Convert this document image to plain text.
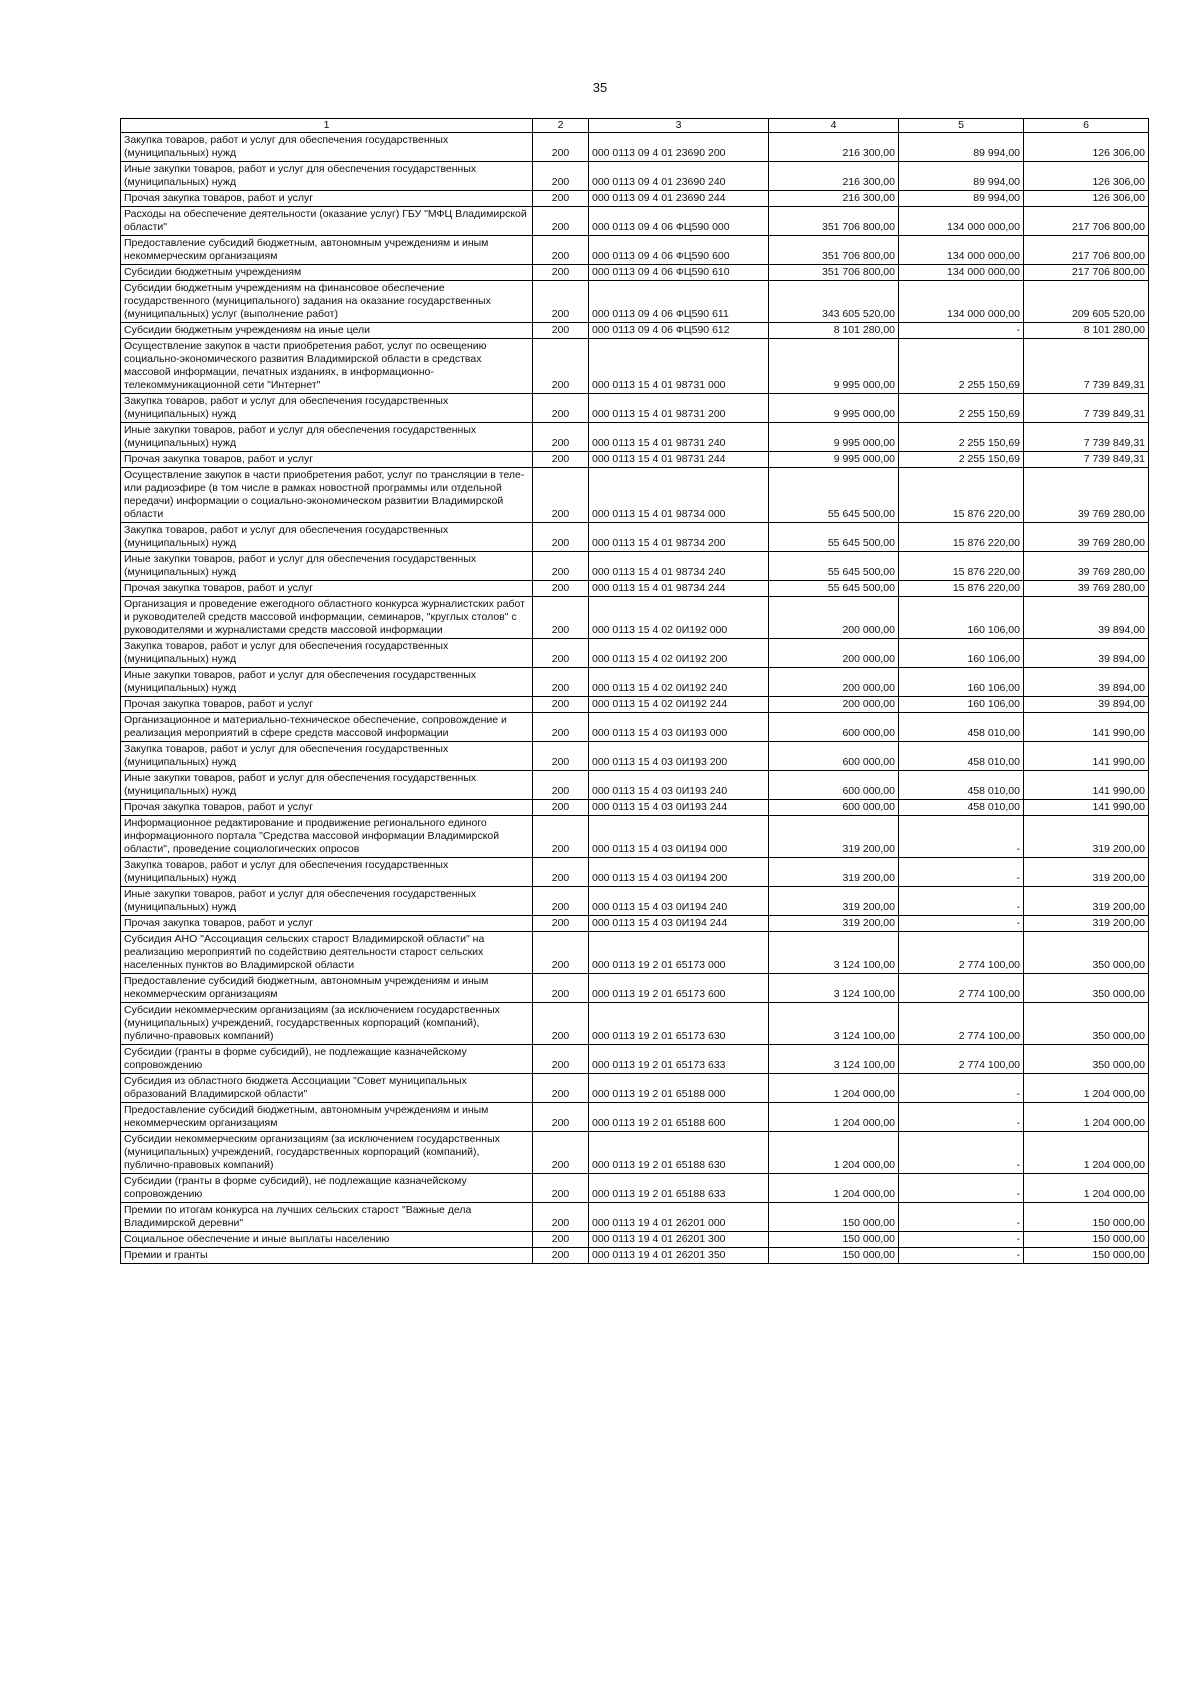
35
1	2	3	4	5	6
Закупка товаров, работ и услуг для обеспечения государственных (муниципальных) нужд	200	000 0113 09 4 01 23690 200	216 300,00	89 994,00	126 306,00
Иные закупки товаров, работ и услуг для обеспечения государственных (муниципальных) нужд	200	000 0113 09 4 01 23690 240	216 300,00	89 994,00	126 306,00
Прочая закупка товаров, работ и услуг	200	000 0113 09 4 01 23690 244	216 300,00	89 994,00	126 306,00
Расходы на обеспечение деятельности (оказание услуг) ГБУ "МФЦ Владимирской области"	200	000 0113 09 4 06 ФЦ590 000	351 706 800,00	134 000 000,00	217 706 800,00
Предоставление субсидий бюджетным, автономным учреждениям и иным некоммерческим организациям	200	000 0113 09 4 06 ФЦ590 600	351 706 800,00	134 000 000,00	217 706 800,00
Субсидии бюджетным учреждениям	200	000 0113 09 4 06 ФЦ590 610	351 706 800,00	134 000 000,00	217 706 800,00
Субсидии бюджетным учреждениям на финансовое обеспечение государственного (муниципального) задания на оказание государственных (муниципальных) услуг (выполнение работ)	200	000 0113 09 4 06 ФЦ590 611	343 605 520,00	134 000 000,00	209 605 520,00
Субсидии бюджетным учреждениям на иные цели	200	000 0113 09 4 06 ФЦ590 612	8 101 280,00	-	8 101 280,00
Осуществление закупок в части приобретения работ, услуг по освещению социально-экономического развития Владимирской области в средствах массовой информации, печатных изданиях, в информационно-телекоммуникационной сети "Интернет"	200	000 0113 15 4 01 98731 000	9 995 000,00	2 255 150,69	7 739 849,31
Закупка товаров, работ и услуг для обеспечения государственных (муниципальных) нужд	200	000 0113 15 4 01 98731 200	9 995 000,00	2 255 150,69	7 739 849,31
Иные закупки товаров, работ и услуг для обеспечения государственных (муниципальных) нужд	200	000 0113 15 4 01 98731 240	9 995 000,00	2 255 150,69	7 739 849,31
Прочая закупка товаров, работ и услуг	200	000 0113 15 4 01 98731 244	9 995 000,00	2 255 150,69	7 739 849,31
Осуществление закупок в части приобретения работ, услуг по трансляции в теле- или радиоэфире (в том числе в рамках новостной программы или отдельной передачи) информации о социально-экономическом развитии Владимирской области	200	000 0113 15 4 01 98734 000	55 645 500,00	15 876 220,00	39 769 280,00
Закупка товаров, работ и услуг для обеспечения государственных (муниципальных) нужд	200	000 0113 15 4 01 98734 200	55 645 500,00	15 876 220,00	39 769 280,00
Иные закупки товаров, работ и услуг для обеспечения государственных (муниципальных) нужд	200	000 0113 15 4 01 98734 240	55 645 500,00	15 876 220,00	39 769 280,00
Прочая закупка товаров, работ и услуг	200	000 0113 15 4 01 98734 244	55 645 500,00	15 876 220,00	39 769 280,00
Организация и проведение ежегодного областного конкурса журналистских работ и руководителей средств массовой информации, семинаров, "круглых столов" с руководителями и журналистами средств массовой информации	200	000 0113 15 4 02 0И192 000	200 000,00	160 106,00	39 894,00
Закупка товаров, работ и услуг для обеспечения государственных (муниципальных) нужд	200	000 0113 15 4 02 0И192 200	200 000,00	160 106,00	39 894,00
Иные закупки товаров, работ и услуг для обеспечения государственных (муниципальных) нужд	200	000 0113 15 4 02 0И192 240	200 000,00	160 106,00	39 894,00
Прочая закупка товаров, работ и услуг	200	000 0113 15 4 02 0И192 244	200 000,00	160 106,00	39 894,00
Организационное и материально-техническое обеспечение, сопровождение и реализация мероприятий в сфере средств массовой информации	200	000 0113 15 4 03 0И193 000	600 000,00	458 010,00	141 990,00
Закупка товаров, работ и услуг для обеспечения государственных (муниципальных) нужд	200	000 0113 15 4 03 0И193 200	600 000,00	458 010,00	141 990,00
Иные закупки товаров, работ и услуг для обеспечения государственных (муниципальных) нужд	200	000 0113 15 4 03 0И193 240	600 000,00	458 010,00	141 990,00
Прочая закупка товаров, работ и услуг	200	000 0113 15 4 03 0И193 244	600 000,00	458 010,00	141 990,00
Информационное редактирование и продвижение регионального единого информационного портала "Средства массовой информации Владимирской области", проведение социологических опросов	200	000 0113 15 4 03 0И194 000	319 200,00	-	319 200,00
Закупка товаров, работ и услуг для обеспечения государственных (муниципальных) нужд	200	000 0113 15 4 03 0И194 200	319 200,00	-	319 200,00
Иные закупки товаров, работ и услуг для обеспечения государственных (муниципальных) нужд	200	000 0113 15 4 03 0И194 240	319 200,00	-	319 200,00
Прочая закупка товаров, работ и услуг	200	000 0113 15 4 03 0И194 244	319 200,00	-	319 200,00
Субсидия АНО "Ассоциация сельских старост Владимирской области" на реализацию мероприятий по содействию деятельности старост сельских населенных пунктов во Владимирской области	200	000 0113 19 2 01 65173 000	3 124 100,00	2 774 100,00	350 000,00
Предоставление субсидий бюджетным, автономным учреждениям и иным некоммерческим организациям	200	000 0113 19 2 01 65173 600	3 124 100,00	2 774 100,00	350 000,00
Субсидии некоммерческим организациям (за исключением государственных (муниципальных) учреждений, государственных корпораций (компаний), публично-правовых компаний)	200	000 0113 19 2 01 65173 630	3 124 100,00	2 774 100,00	350 000,00
Субсидии (гранты в форме субсидий), не подлежащие казначейскому сопровождению	200	000 0113 19 2 01 65173 633	3 124 100,00	2 774 100,00	350 000,00
Субсидия из областного бюджета Ассоциации "Совет муниципальных образований Владимирской области"	200	000 0113 19 2 01 65188 000	1 204 000,00	-	1 204 000,00
Предоставление субсидий бюджетным, автономным учреждениям и иным некоммерческим организациям	200	000 0113 19 2 01 65188 600	1 204 000,00	-	1 204 000,00
Субсидии некоммерческим организациям (за исключением государственных (муниципальных) учреждений, государственных корпораций (компаний), публично-правовых компаний)	200	000 0113 19 2 01 65188 630	1 204 000,00	-	1 204 000,00
Субсидии (гранты в форме субсидий), не подлежащие казначейскому сопровождению	200	000 0113 19 2 01 65188 633	1 204 000,00	-	1 204 000,00
Премии по итогам конкурса на лучших сельских старост "Важные дела Владимирской деревни"	200	000 0113 19 4 01 26201 000	150 000,00	-	150 000,00
Социальное обеспечение и иные выплаты населению	200	000 0113 19 4 01 26201 300	150 000,00	-	150 000,00
Премии и гранты	200	000 0113 19 4 01 26201 350	150 000,00	-	150 000,00
